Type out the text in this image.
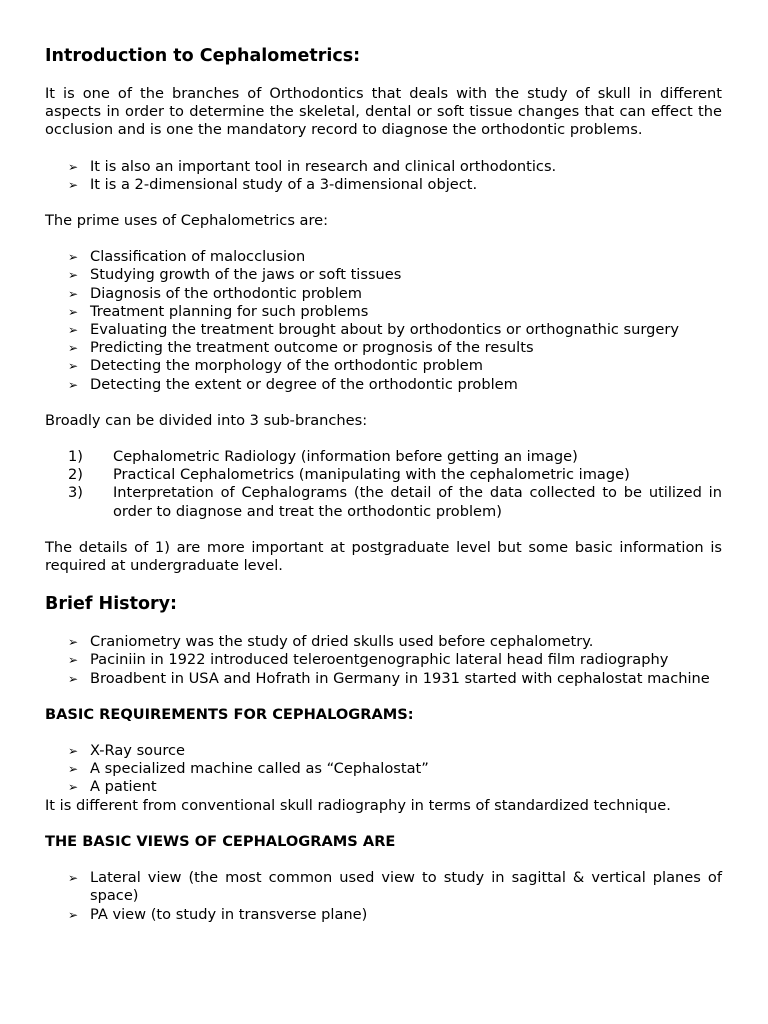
Introduction to Cephalometrics:

It is one of the branches of Orthodontics that deals with the study of skull in different aspects in order to determine the skeletal, dental or soft tissue changes that can effect the occlusion and is one the mandatory record to diagnose the orthodontic problems.

➢ It is also an important tool in research and clinical orthodontics.
➢ It is a 2-dimensional study of a 3-dimensional object.

The prime uses of Cephalometrics are:

➢ Classification of malocclusion
➢ Studying growth of the jaws or soft tissues
➢ Diagnosis of the orthodontic problem
➢ Treatment planning for such problems
➢ Evaluating the treatment brought about by orthodontics or orthognathic surgery
➢ Predicting the treatment outcome or prognosis of the results
➢ Detecting the morphology of the orthodontic problem
➢ Detecting the extent or degree of the orthodontic problem

Broadly can be divided into 3 sub-branches:

1) Cephalometric Radiology (information before getting an image)
2) Practical Cephalometrics (manipulating with the cephalometric image)
3) Interpretation of Cephalograms (the detail of the data collected to be utilized in order to diagnose and treat the orthodontic problem)

The details of 1) are more important at postgraduate level but some basic information is required at undergraduate level.

Brief History:
➢ Craniometry was the study of dried skulls used before cephalometry.
➢ Paciniin in 1922 introduced teleroentgenographic lateral head film radiography
➢ Broadbent in USA and Hofrath in Germany in 1931 started with cephalostat machine
BASIC REQUIREMENTS FOR CEPHALOGRAMS:
➢ X-Ray source
➢ A specialized machine called as “Cephalostat”
➢ A patient

It is different from conventional skull radiography in terms of standardized technique.

THE BASIC VIEWS OF CEPHALOGRAMS ARE
➢ Lateral view (the most common used view to study in sagittal & vertical planes of space)
➢ PA view (to study in transverse plane)
